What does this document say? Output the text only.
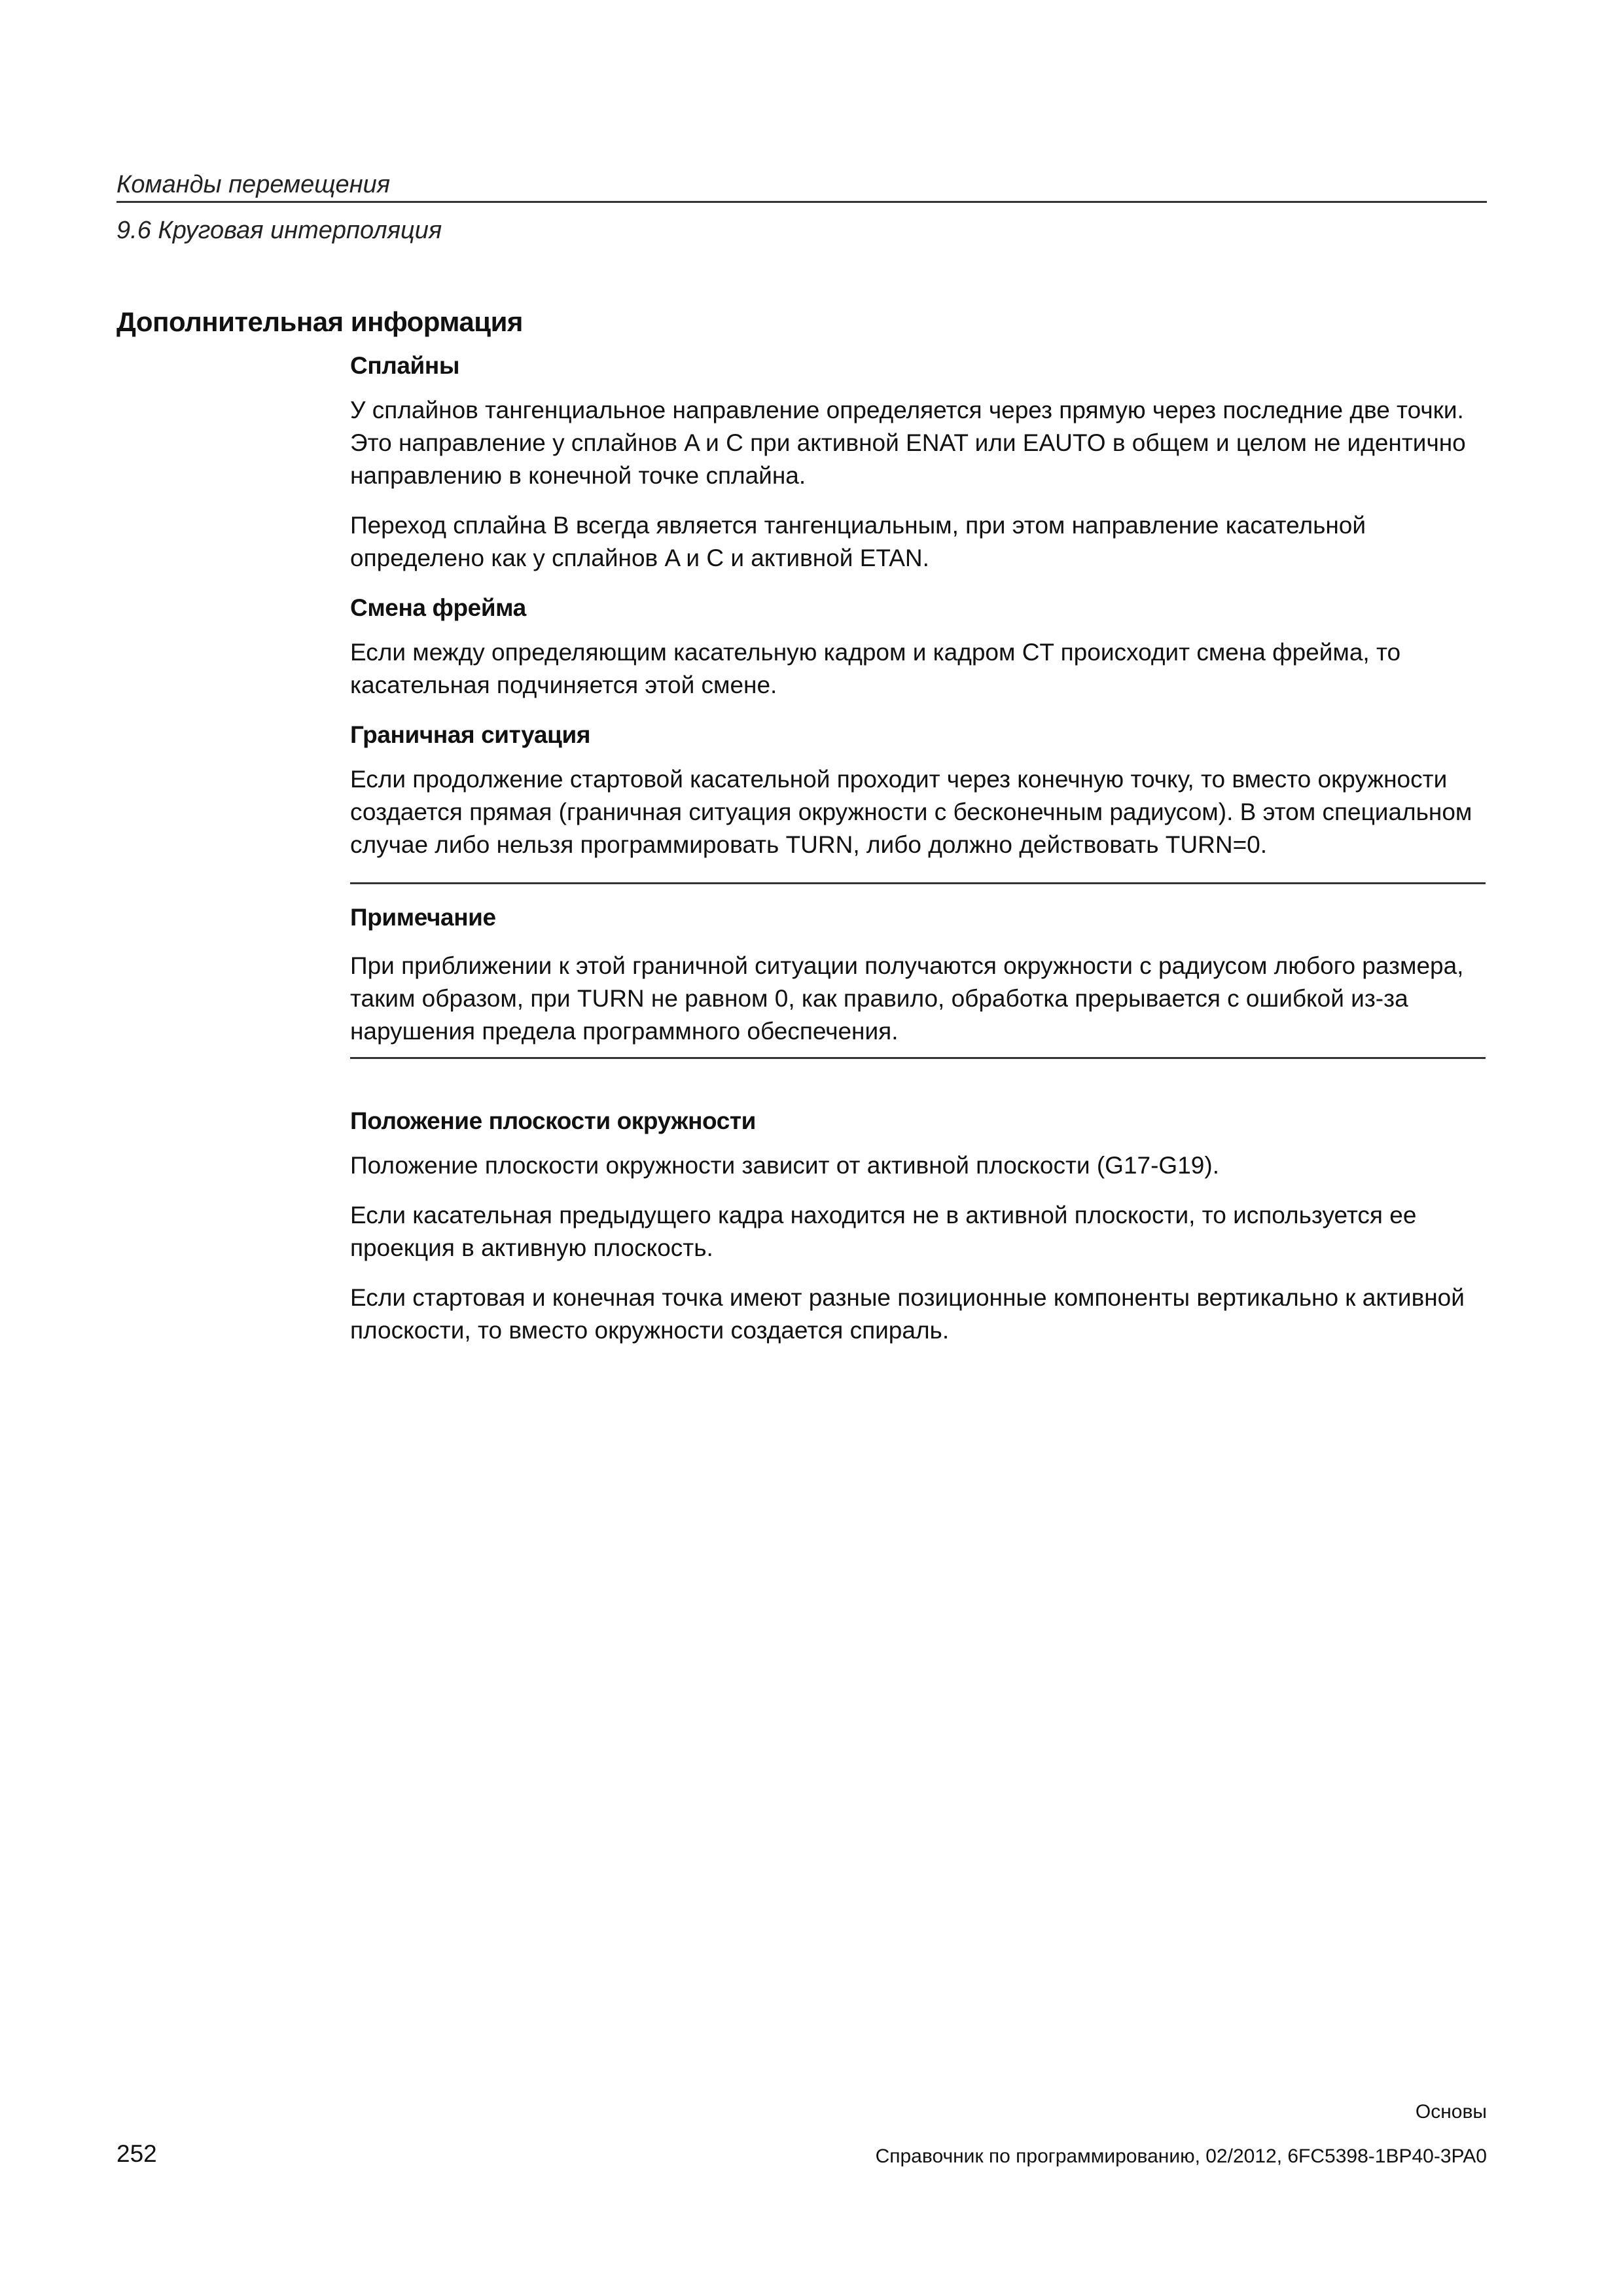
Команды перемещения
9.6 Круговая интерполяция
Дополнительная информация
Сплайны

У сплайнов тангенциальное направление определяется через прямую через последние две точки. Это направление у сплайнов A и C при активной ENAT или EAUTO в общем и целом не идентично направлению в конечной точке сплайна.

Переход сплайна B всегда является тангенциальным, при этом направление касательной определено как у сплайнов A и C и активной ETAN.

Смена фрейма

Если между определяющим касательную кадром и кадром CT происходит смена фрейма, то касательная подчиняется этой смене.

Граничная ситуация

Если продолжение стартовой касательной проходит через конечную точку, то вместо окружности создается прямая (граничная ситуация окружности с бесконечным радиусом). В этом специальном случае либо нельзя программировать TURN, либо должно действовать TURN=0.

Примечание

При приближении к этой граничной ситуации получаются окружности с радиусом любого размера, таким образом, при TURN не равном 0, как правило, обработка прерывается с ошибкой из-за нарушения предела программного обеспечения.

Положение плоскости окружности

Положение плоскости окружности зависит от активной плоскости (G17-G19).

Если касательная предыдущего кадра находится не в активной плоскости, то используется ее проекция в активную плоскость.

Если стартовая и конечная точка имеют разные позиционные компоненты вертикально к активной плоскости, то вместо окружности создается спираль.

252
Основы
Справочник по программированию, 02/2012, 6FC5398-1BP40-3PA0
